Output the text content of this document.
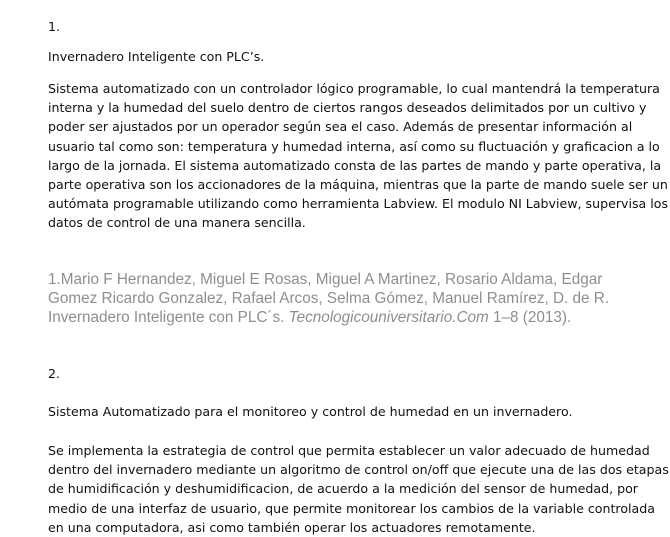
1.

Invernadero Inteligente con PLC’s.

Sistema automatizado con un controlador lógico programable, lo cual mantendrá la temperatura
interna y la humedad del suelo dentro de ciertos rangos deseados delimitados por un cultivo y
poder ser ajustados por un operador según sea el caso. Además de presentar información al
usuario tal como son: temperatura y humedad interna, así como su fluctuación y graficacion a lo
largo de la jornada. El sistema automatizado consta de las partes de mando y parte operativa, la
parte operativa son los accionadores de la máquina, mientras que la parte de mando suele ser un
autómata programable utilizando como herramienta Labview. El modulo NI Labview, supervisa los
datos de control de una manera sencilla.
1.Mario F Hernandez, Miguel E Rosas, Miguel A Martinez, Rosario Aldama, Edgar
Gomez Ricardo Gonzalez, Rafael Arcos, Selma Gómez, Manuel Ramírez, D. de R.
Invernadero Inteligente con PLC´s. Tecnologicouniversitario.Com 1–8 (2013).

2.

Sistema Automatizado para el monitoreo y control de humedad en un invernadero.

Se implementa la estrategia de control que permita establecer un valor adecuado de humedad
dentro del invernadero mediante un algoritmo de control on/off que ejecute una de las dos etapas
de humidificación y deshumidificacion, de acuerdo a la medición del sensor de humedad, por
medio de una interfaz de usuario, que permite monitorear los cambios de la variable controlada
en una computadora, asi como también operar los actuadores remotamente.
